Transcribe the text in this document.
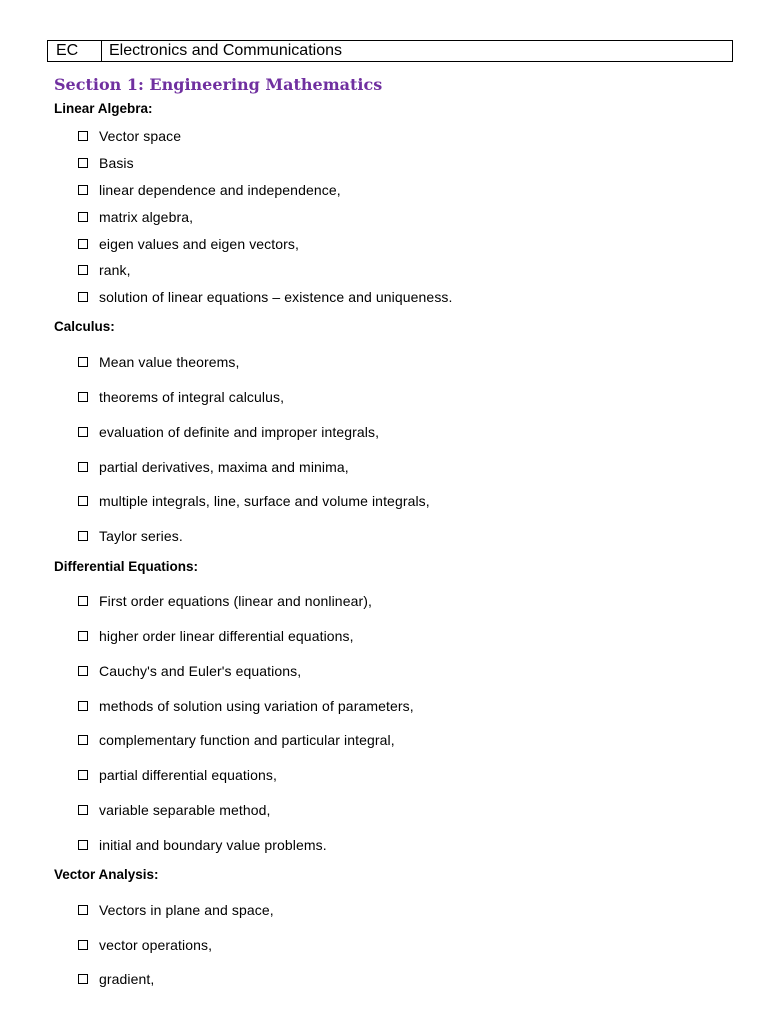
EC	Electronics and Communications
Section 1: Engineering Mathematics
Linear Algebra:
Vector space
Basis
linear dependence and independence,
matrix algebra,
eigen values and eigen vectors,
rank,
solution of linear equations – existence and uniqueness.
Calculus:
Mean value theorems,
theorems of integral calculus,
evaluation of definite and improper integrals,
partial derivatives, maxima and minima,
multiple integrals, line, surface and volume integrals,
Taylor series.
Differential Equations:
First order equations (linear and nonlinear),
higher order linear differential equations,
Cauchy's and Euler's equations,
methods of solution using variation of parameters,
complementary function and particular integral,
partial differential equations,
variable separable method,
initial and boundary value problems.
Vector Analysis:
Vectors in plane and space,
vector operations,
gradient,
